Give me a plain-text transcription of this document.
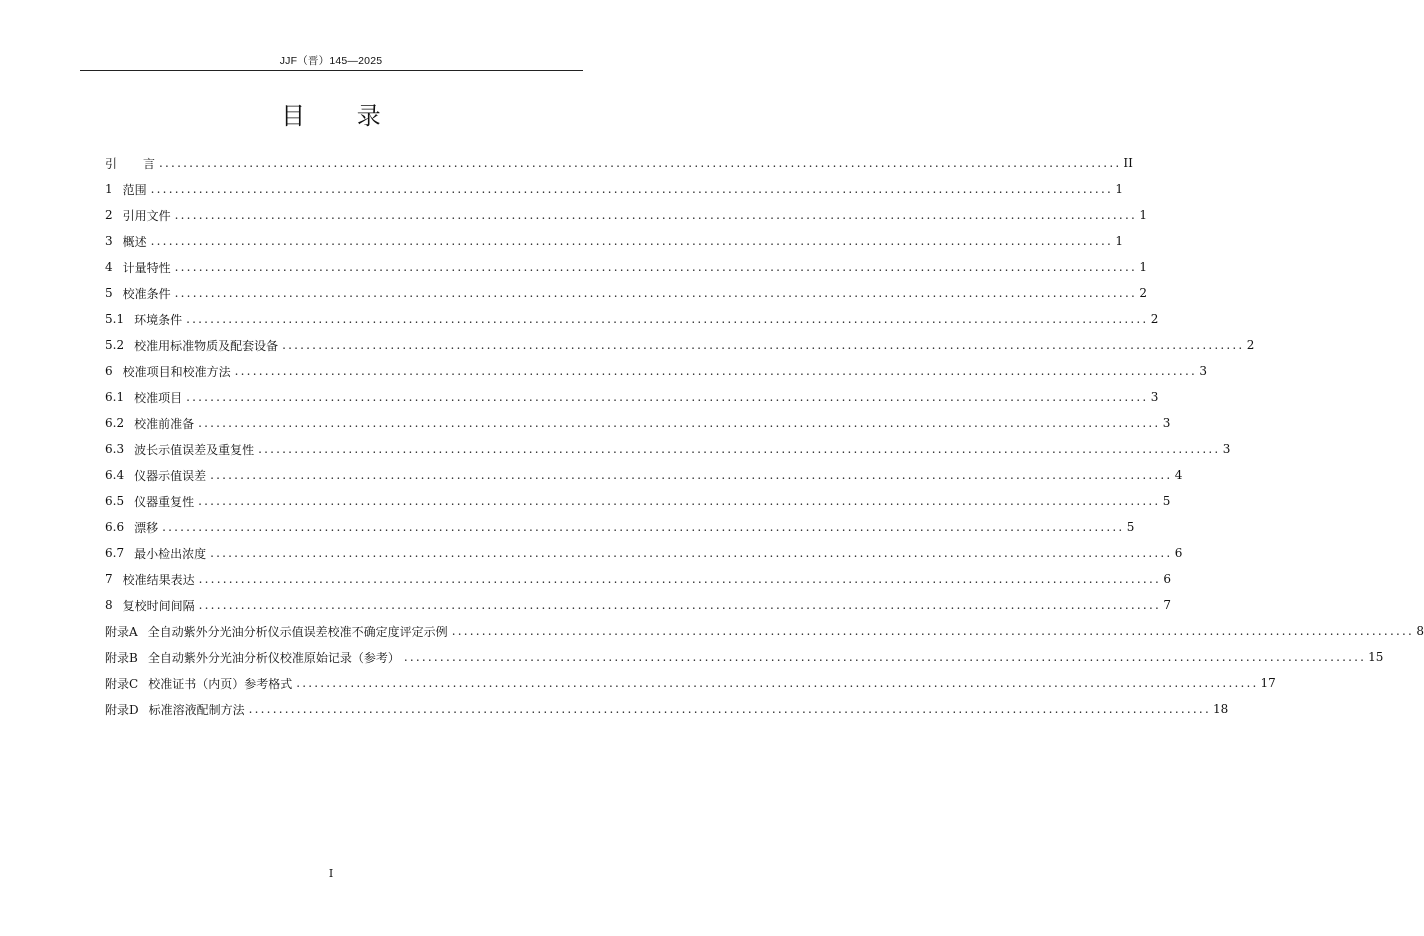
JJF（晋）145—2025
目 录
引 言 ................................................................................................................................................................ II
1 范围 ................................................................................................................................................................ 1
2 引用文件 ................................................................................................................................................................ 1
3 概述 ................................................................................................................................................................ 1
4 计量特性 ................................................................................................................................................................ 1
5 校准条件 ................................................................................................................................................................ 2
5.1 环境条件 ................................................................................................................................................................ 2
5.2 校准用标准物质及配套设备 ................................................................................................................................................................ 2
6 校准项目和校准方法 ................................................................................................................................................................ 3
6.1 校准项目 ................................................................................................................................................................ 3
6.2 校准前准备 ................................................................................................................................................................ 3
6.3 波长示值误差及重复性 ................................................................................................................................................................ 3
6.4 仪器示值误差 ................................................................................................................................................................ 4
6.5 仪器重复性 ................................................................................................................................................................ 5
6.6 漂移 ................................................................................................................................................................ 5
6.7 最小检出浓度 ................................................................................................................................................................ 6
7 校准结果表达 ................................................................................................................................................................ 6
8 复校时间间隔 ................................................................................................................................................................ 7
附录A 全自动紫外分光油分析仪示值误差校准不确定度评定示例 ................................................................................................................................................................ 8
附录B 全自动紫外分光油分析仪校准原始记录（参考） ................................................................................................................................................................ 15
附录C 校准证书（内页）参考格式 ................................................................................................................................................................ 17
附录D 标准溶液配制方法 ................................................................................................................................................................ 18
I
